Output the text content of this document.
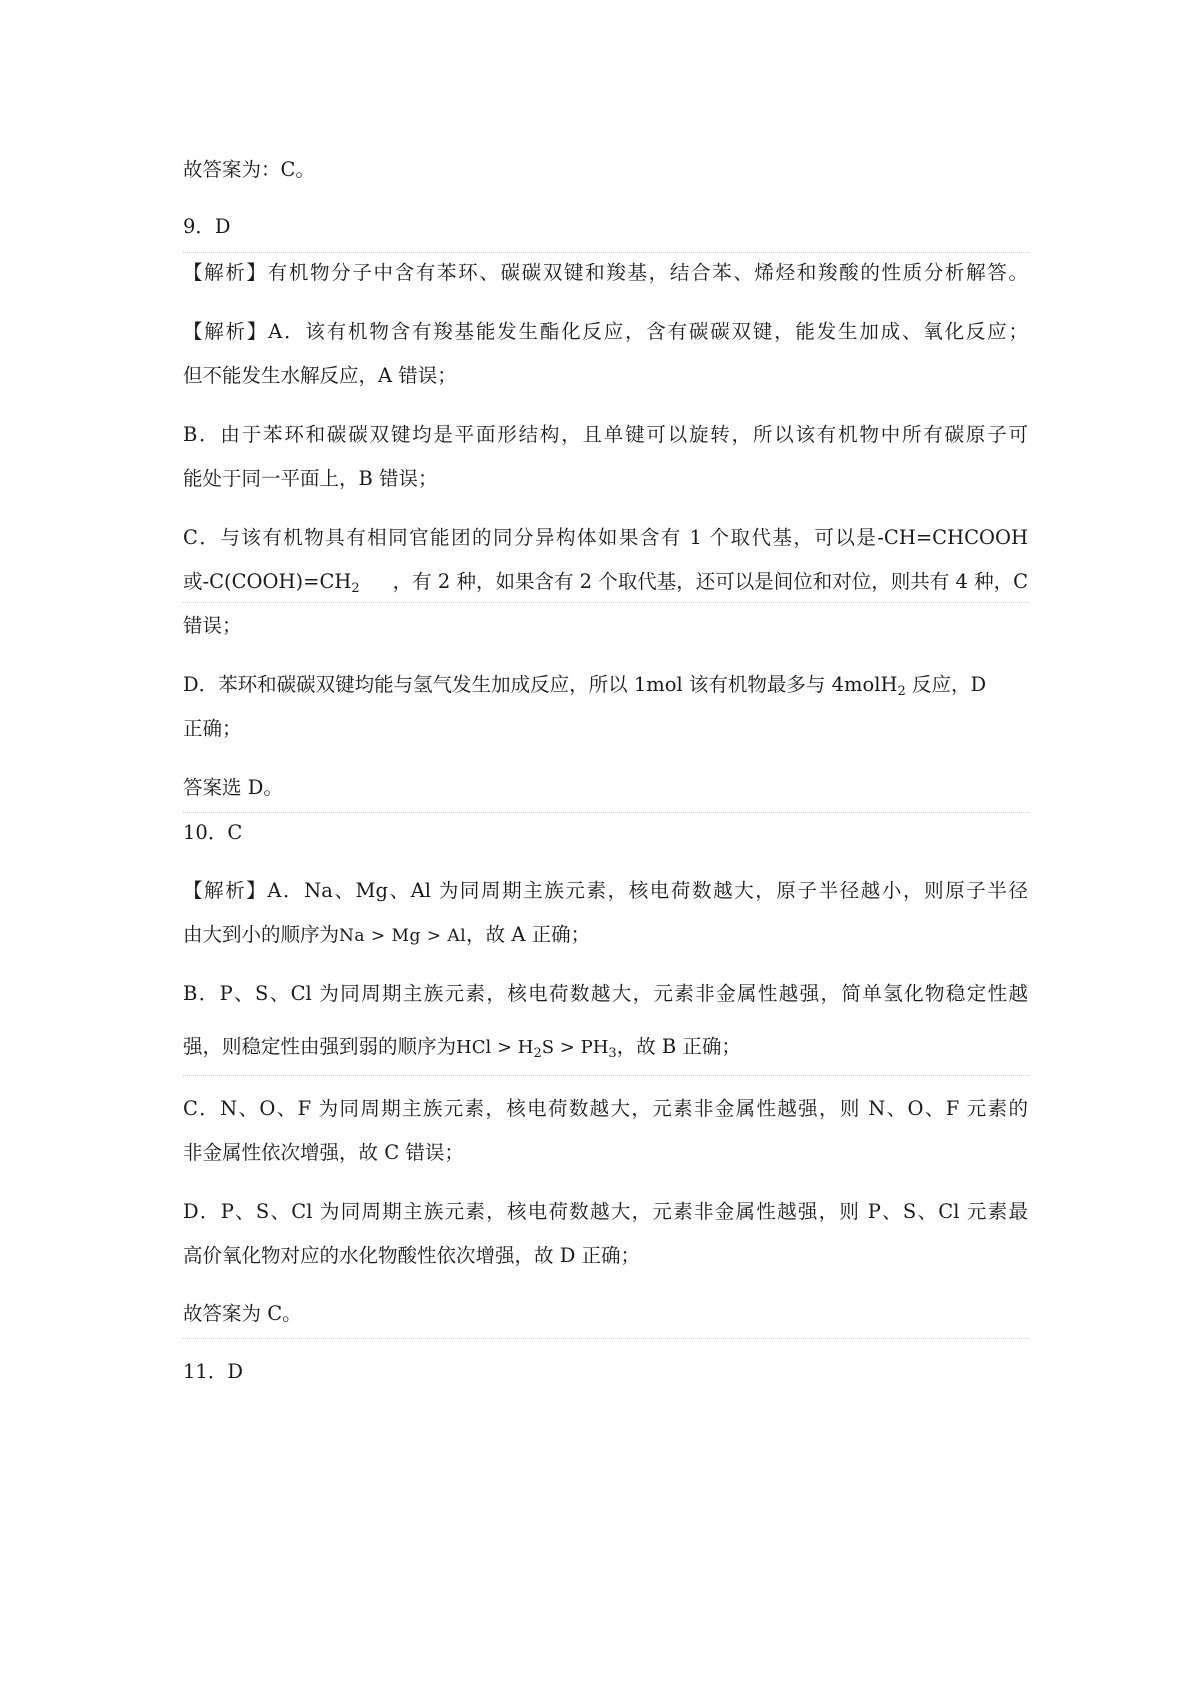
故答案为：C。
9．D
【解析】有机物分子中含有苯环、碳碳双键和羧基，结合苯、烯烃和羧酸的性质分析解答。
【解析】A．该有机物含有羧基能发生酯化反应，含有碳碳双键，能发生加成、氧化反应；
但不能发生水解反应，A 错误；
B．由于苯环和碳碳双键均是平面形结构，且单键可以旋转，所以该有机物中所有碳原子可
能处于同一平面上，B 错误；
C．与该有机物具有相同官能团的同分异构体如果含有 1 个取代基，可以是-CH=CHCOOH
或$-C(COOH)=CH_2$ ，有 2 种，如果含有 2 个取代基，还可以是间位和对位，则共有 4 种，C
错误；
D．苯环和碳碳双键均能与氢气发生加成反应，所以 1mol 该有机物最多与 4molH$_2$ 反应，D
正确；
答案选 D。
10．C
【解析】A．Na、Mg、Al 为同周期主族元素，核电荷数越大，原子半径越小，则原子半径
由大到小的顺序为Na > Mg > Al，故 A 正确；
B．P、S、Cl 为同周期主族元素，核电荷数越大，元素非金属性越强，简单氢化物稳定性越
强，则稳定性由强到弱的顺序为HCl > $H_2S > PH_3$，故 B 正确；
C．N、O、F 为同周期主族元素，核电荷数越大，元素非金属性越强，则 N、O、F 元素的
非金属性依次增强，故 C 错误；
D．P、S、Cl 为同周期主族元素，核电荷数越大，元素非金属性越强，则 P、S、Cl 元素最
高价氧化物对应的水化物酸性依次增强，故 D 正确；
故答案为 C。
11．D
